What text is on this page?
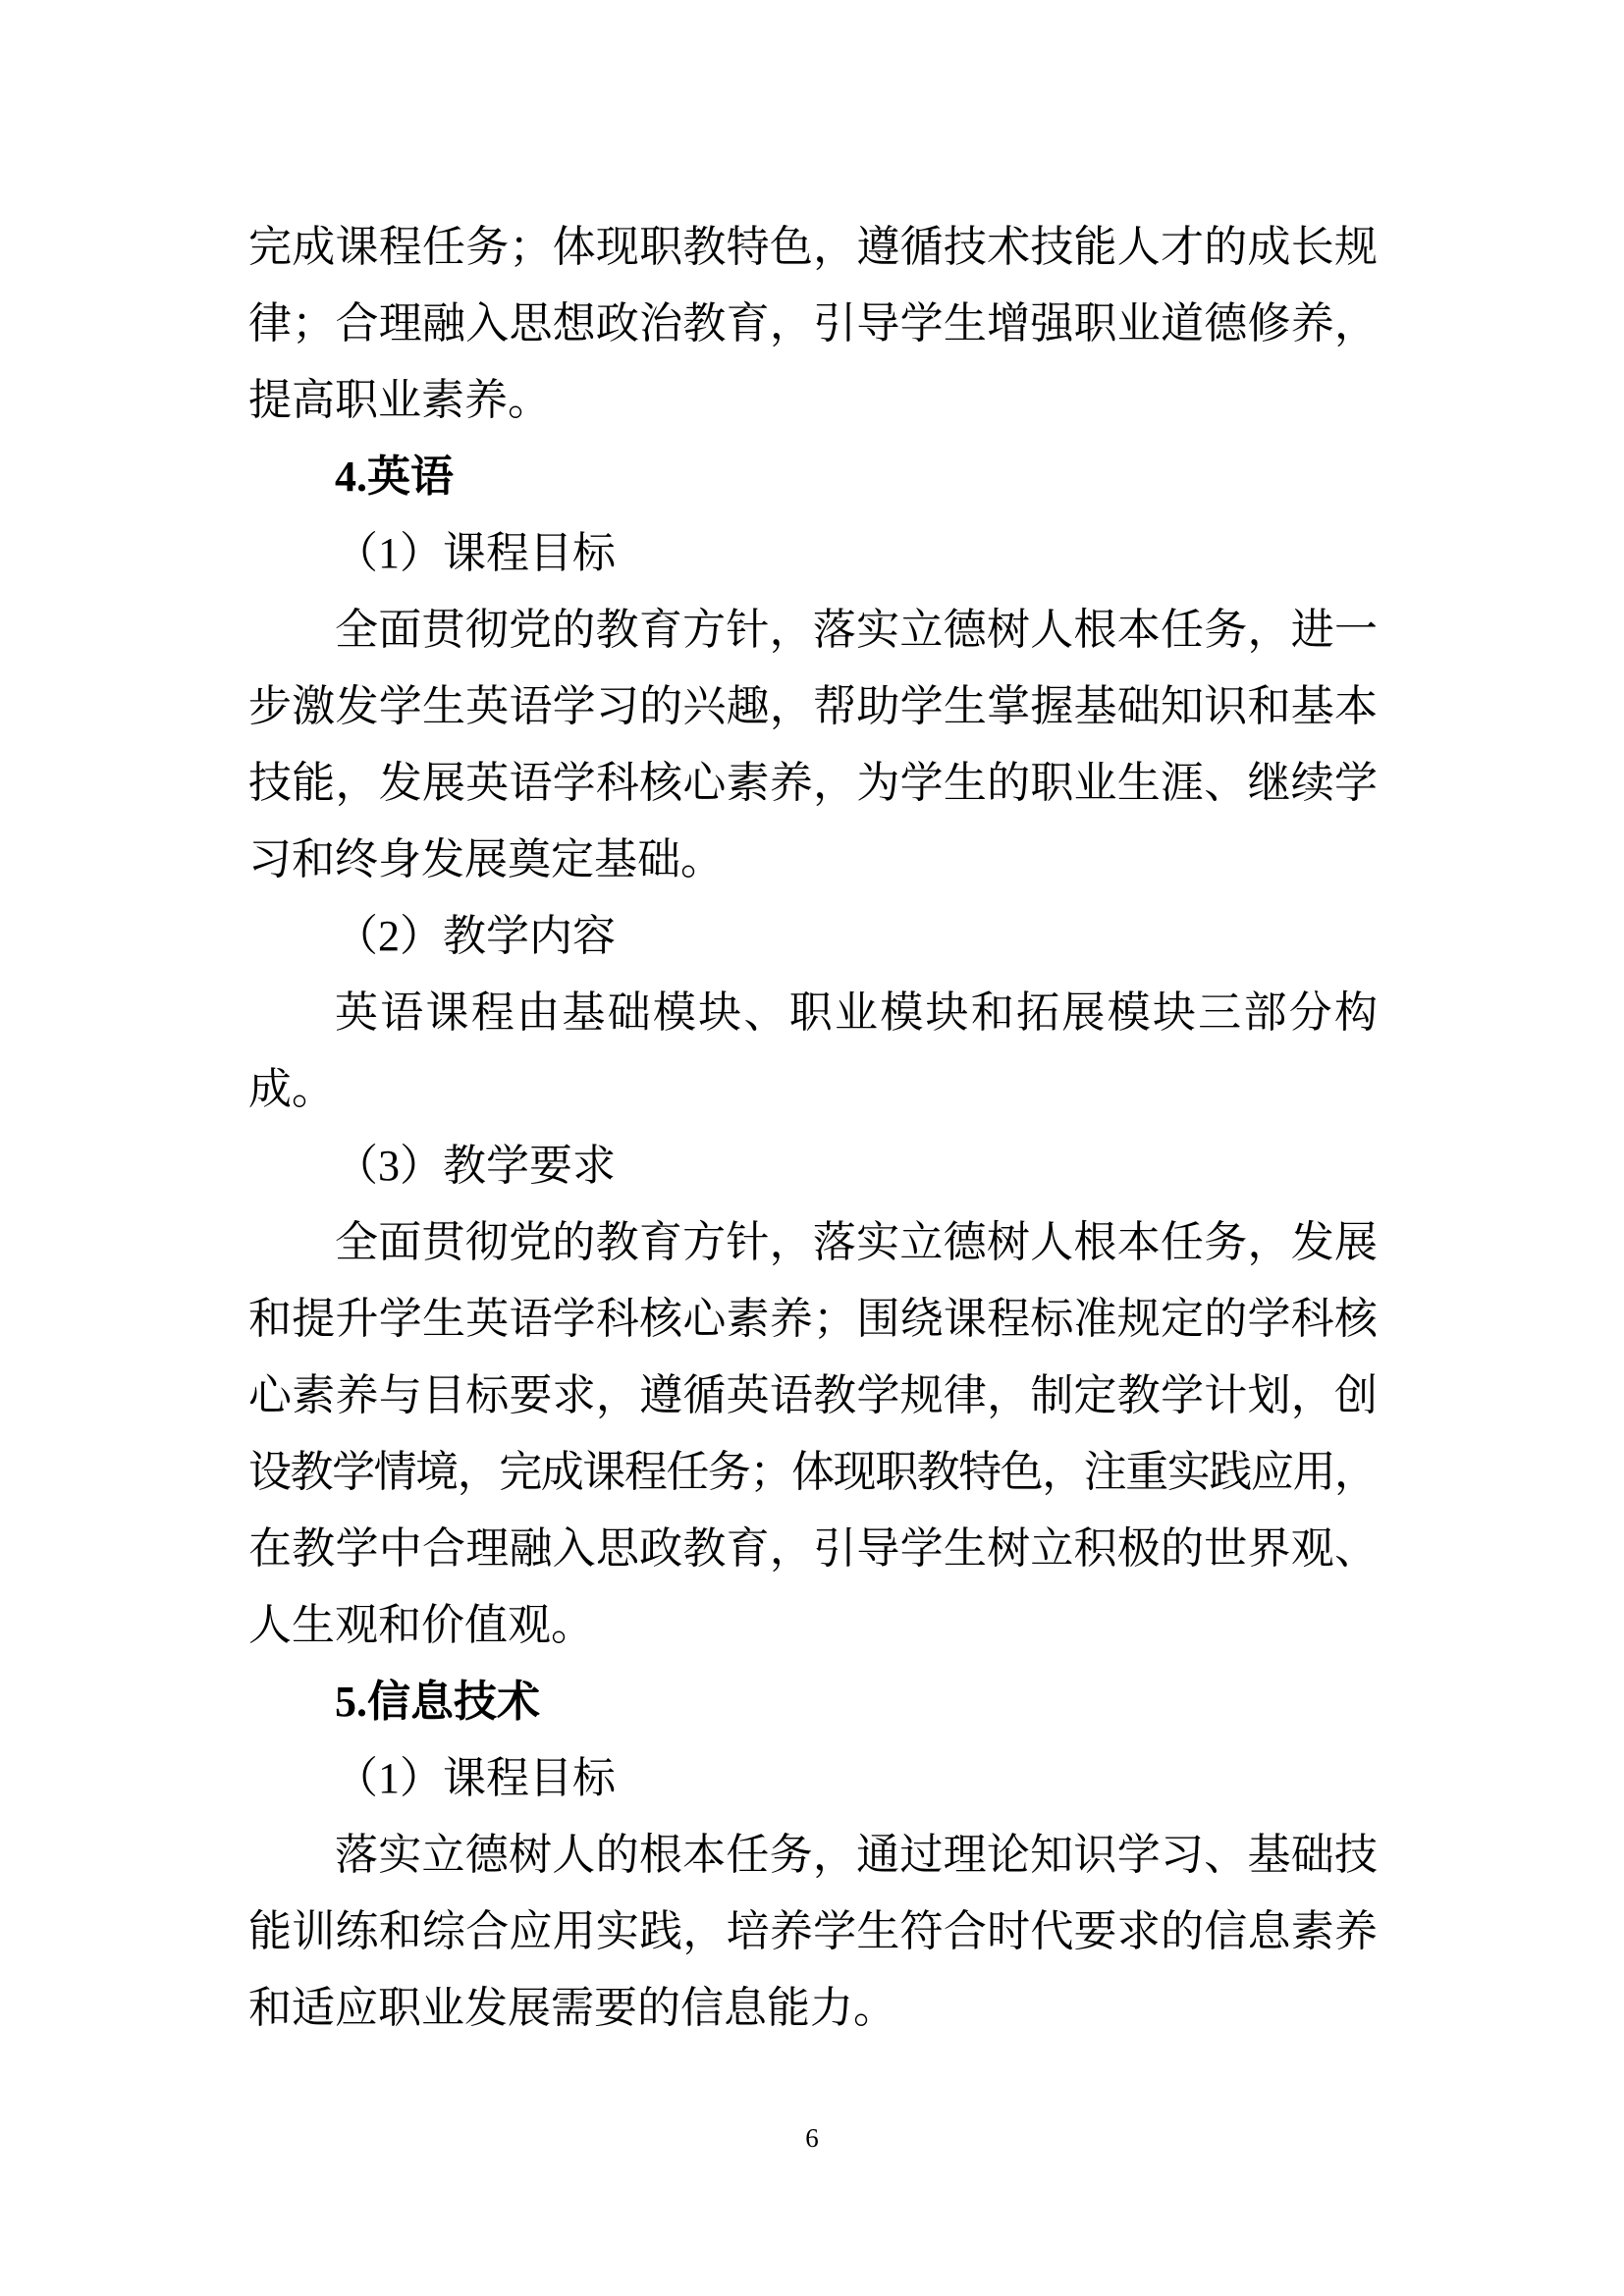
完成课程任务；体现职教特色，遵循技术技能人才的成长规
律；合理融入思想政治教育，引导学生增强职业道德修养，
提高职业素养。
4.英语
（1）课程目标
全面贯彻党的教育方针，落实立德树人根本任务，进一
步激发学生英语学习的兴趣，帮助学生掌握基础知识和基本
技能，发展英语学科核心素养，为学生的职业生涯、继续学
习和终身发展奠定基础。
（2）教学内容
英语课程由基础模块、职业模块和拓展模块三部分构
成。
（3）教学要求
全面贯彻党的教育方针，落实立德树人根本任务，发展
和提升学生英语学科核心素养；围绕课程标准规定的学科核
心素养与目标要求，遵循英语教学规律，制定教学计划，创
设教学情境，完成课程任务；体现职教特色，注重实践应用，
在教学中合理融入思政教育，引导学生树立积极的世界观、
人生观和价值观。
5.信息技术
（1）课程目标
落实立德树人的根本任务，通过理论知识学习、基础技
能训练和综合应用实践，培养学生符合时代要求的信息素养
和适应职业发展需要的信息能力。
6
